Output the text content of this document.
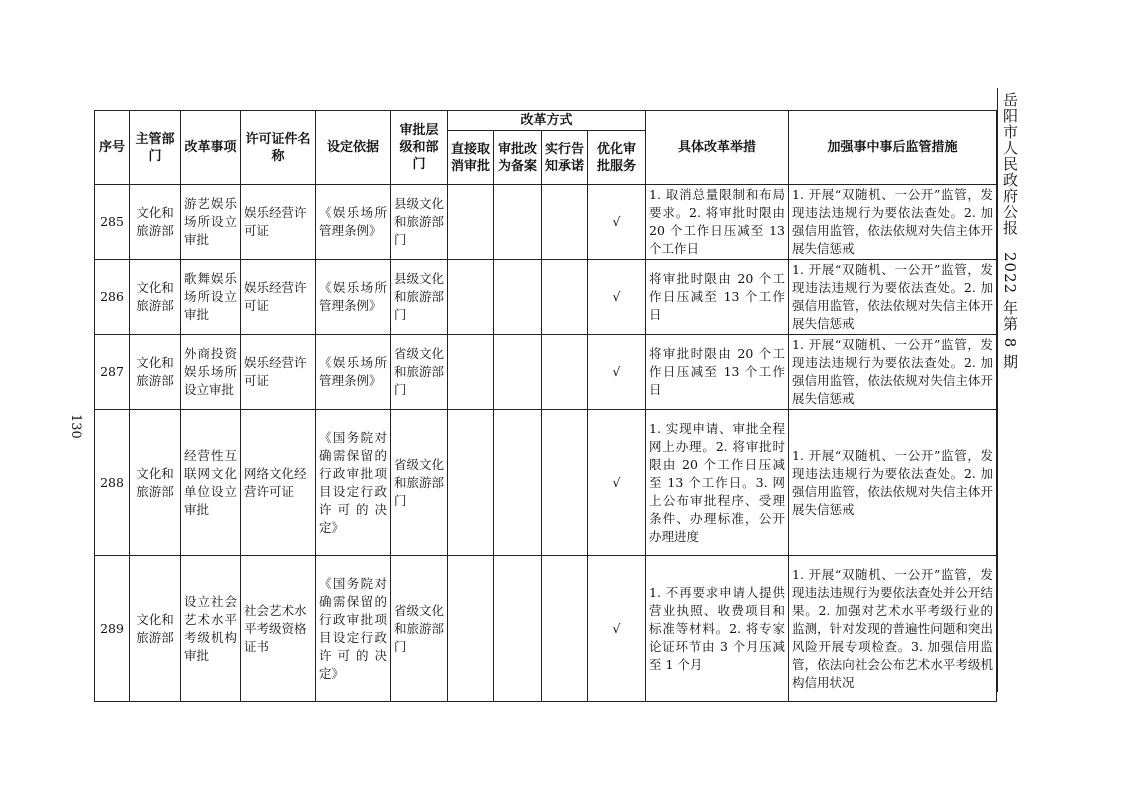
130
岳阳市人民政府公报　2022 年第 8 期
序号	主管部门	改革事项	许可证件名称	设定依据	审批层级和部门	改革方式				具体改革举措	加强事中事后监管措施
						直接取消审批	审批改为备案	实行告知承诺	优化审批服务		
285	文化和旅游部	游艺娱乐场所设立审批	娱乐经营许可证	《娱乐场所管理条例》	县级文化和旅游部门				√	1. 取消总量限制和布局要求。2. 将审批时限由 20 个工作日压减至 13 个工作日	1. 开展“双随机、一公开”监管，发现违法违规行为要依法查处。2. 加强信用监管，依法依规对失信主体开展失信惩戒
286	文化和旅游部	歌舞娱乐场所设立审批	娱乐经营许可证	《娱乐场所管理条例》	县级文化和旅游部门				√	将审批时限由 20 个工作日压减至 13 个工作日	1. 开展“双随机、一公开”监管，发现违法违规行为要依法查处。2. 加强信用监管，依法依规对失信主体开展失信惩戒
287	文化和旅游部	外商投资娱乐场所设立审批	娱乐经营许可证	《娱乐场所管理条例》	省级文化和旅游部门				√	将审批时限由 20 个工作日压减至 13 个工作日	1. 开展“双随机、一公开”监管，发现违法违规行为要依法查处。2. 加强信用监管，依法依规对失信主体开展失信惩戒
288	文化和旅游部	经营性互联网文化单位设立审批	网络文化经营许可证	《国务院对确需保留的行政审批项目设定行政许可的决定》	省级文化和旅游部门				√	1. 实现申请、审批全程网上办理。2. 将审批时限由 20 个工作日压减至 13 个工作日。3. 网上公布审批程序、受理条件、办理标准，公开办理进度	1. 开展“双随机、一公开”监管，发现违法违规行为要依法查处。2. 加强信用监管，依法依规对失信主体开展失信惩戒
289	文化和旅游部	设立社会艺术水平考级机构审批	社会艺术水平考级资格证书	《国务院对确需保留的行政审批项目设定行政许可的决定》	省级文化和旅游部门				√	1. 不再要求申请人提供营业执照、收费项目和标准等材料。2. 将专家论证环节由 3 个月压减至 1 个月	1. 开展“双随机、一公开”监管，发现违法违规行为要依法查处并公开结果。2. 加强对艺术水平考级行业的监测，针对发现的普遍性问题和突出风险开展专项检查。3. 加强信用监管，依法向社会公布艺术水平考级机构信用状况
